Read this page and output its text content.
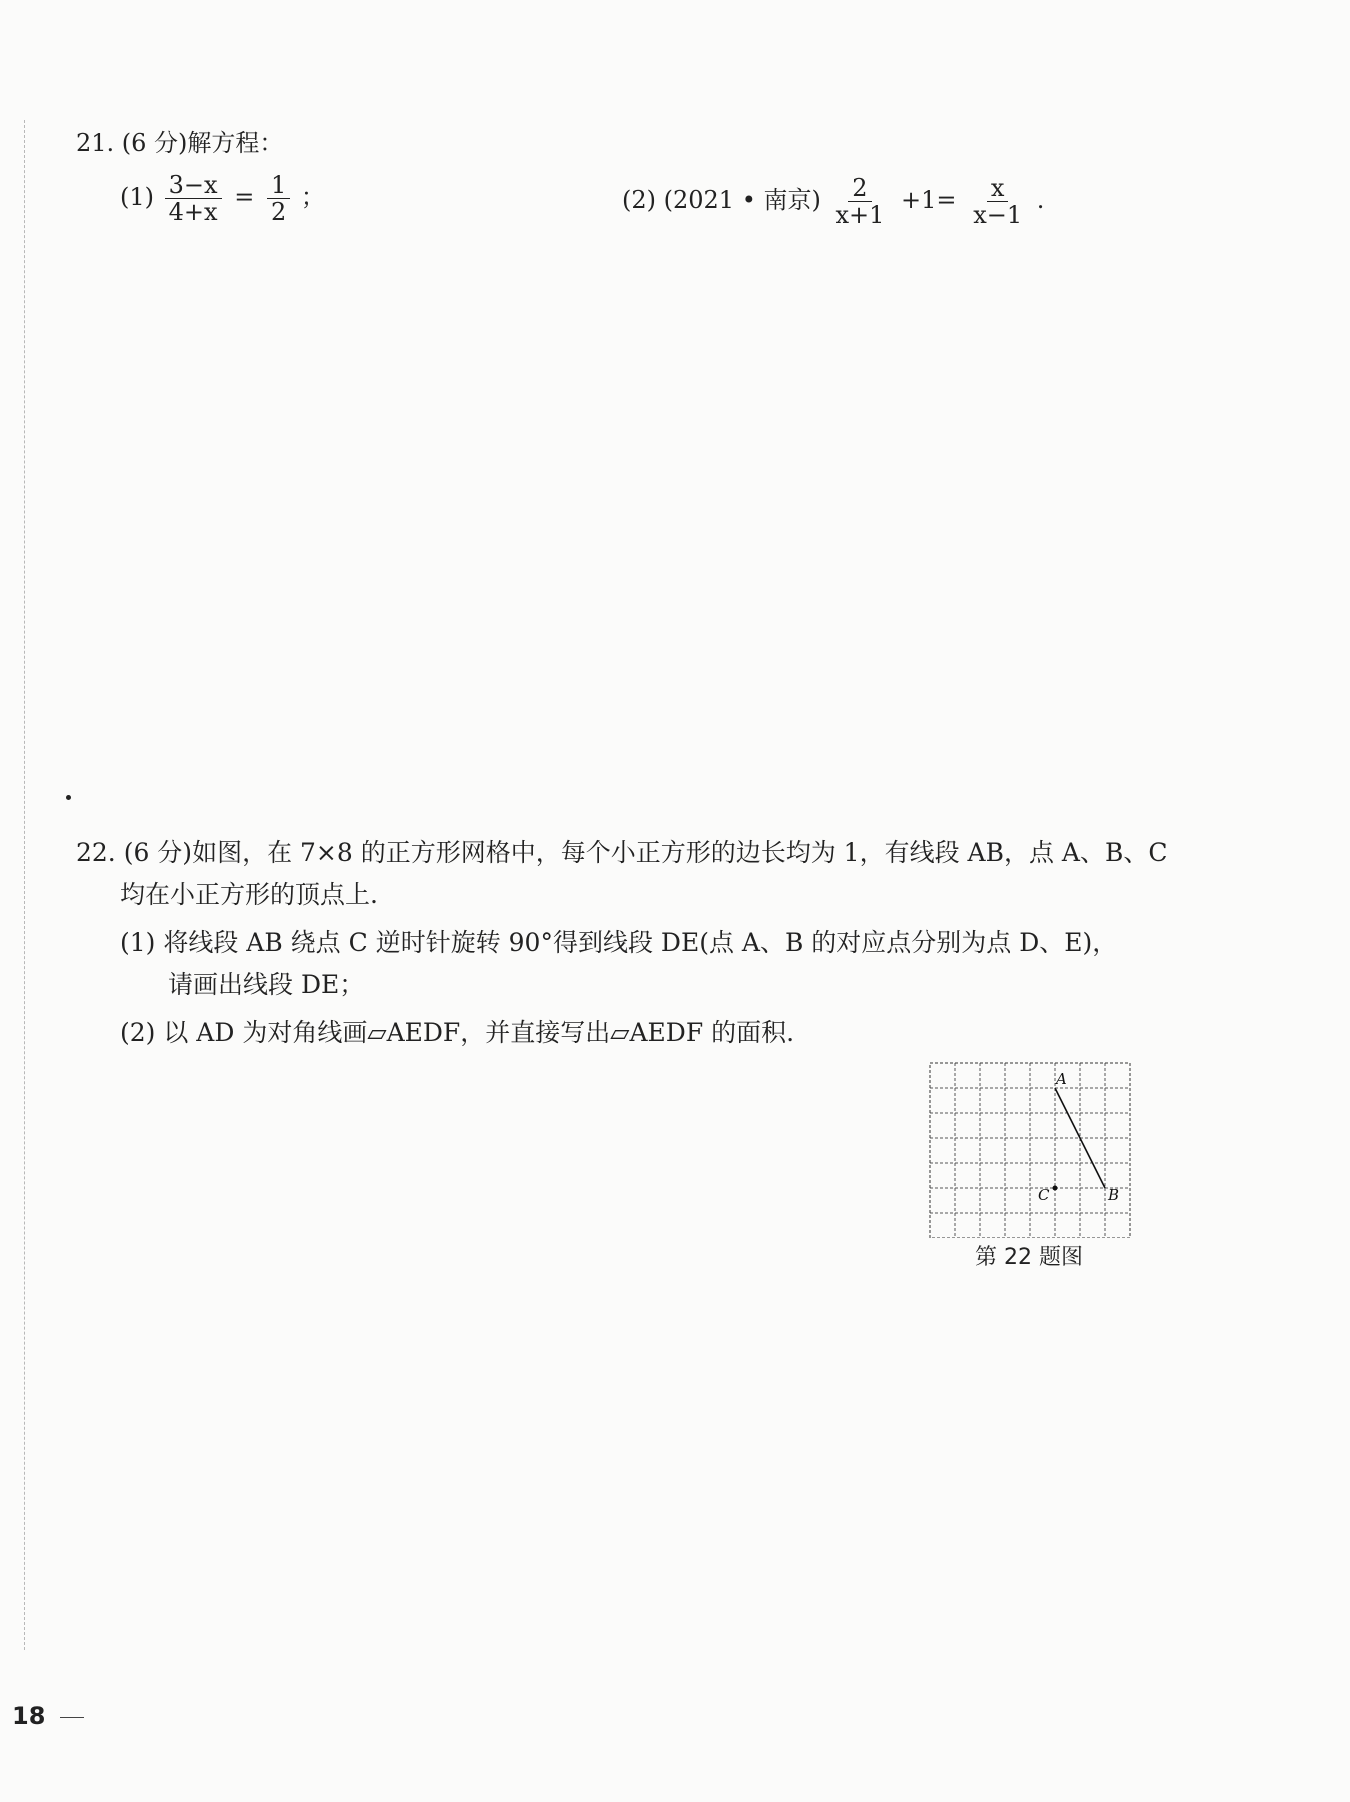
21. (6 分)解方程：
$(1) \frac{3-x}{4+x} = \frac{1}{2}$ ；	(2) (2021 • 南京) $\frac{2}{x+1} +1= \frac{x}{x-1}$ .
22. (6 分)如图，在 7×8 的正方形网格中，每个小正方形的边长均为 1，有线段 AB，点 A、B、C
均在小正方形的顶点上.
(1) 将线段 AB 绕点 C 逆时针旋转 90°得到线段 DE(点 A、B 的对应点分别为点 D、E)，
请画出线段 DE；
(2) 以 AD 为对角线画▱AEDF，并直接写出▱AEDF 的面积.
A
B
C
第 22 题图
18
